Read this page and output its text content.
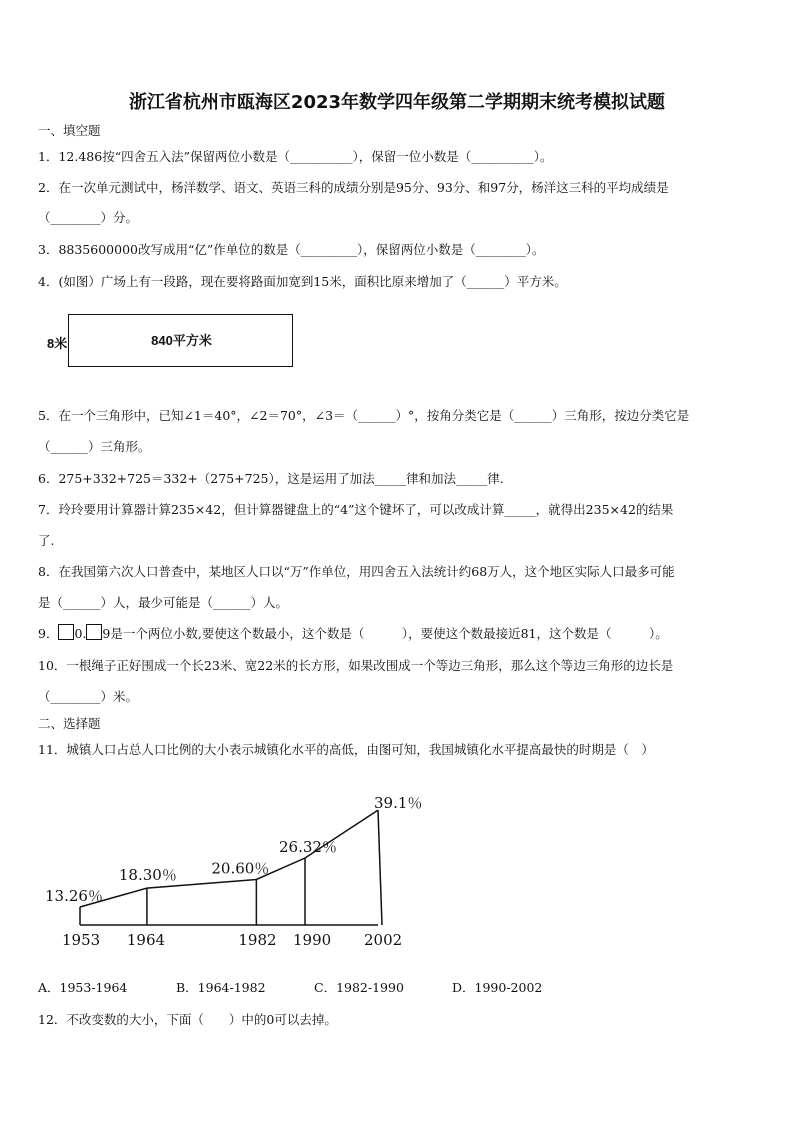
浙江省杭州市瓯海区2023年数学四年级第二学期期末统考模拟试题
一、填空题
1．12.486按“四舍五入法”保留两位小数是（__________），保留一位小数是（__________）。
2．在一次单元测试中，杨洋数学、语文、英语三科的成绩分别是95分、93分、和97分，杨洋这三科的平均成绩是
（________）分。
3．8835600000改写成用“亿”作单位的数是（_________），保留两位小数是（________）。
4．(如图）广场上有一段路，现在要将路面加宽到15米，面积比原来增加了（______）平方米。
8米	840平方米
5．在一个三角形中，已知∠1＝40°，∠2＝70°，∠3＝（______）°，按角分类它是（______）三角形，按边分类它是
（______）三角形。
6．275+332+725＝332+（275+725），这是运用了加法_____律和加法_____律.
7．玲玲要用计算器计算235×42，但计算器键盘上的“4”这个键坏了，可以改成计算_____，就得出235×42的结果
了.
8．在我国第六次人口普查中，某地区人口以“万”作单位，用四舍五入法统计约68万人，这个地区实际人口最多可能
是（______）人，最少可能是（______）人。
9． 0. 9是一个两位小数,要使这个数最小，这个数是（　　　），要使这个数最接近81，这个数是（　　　）。
10．一根绳子正好围成一个长23米、宽22米的长方形，如果改围成一个等边三角形，那么这个等边三角形的边长是
（________）米。
二、选择题
11．城镇人口占总人口比例的大小表示城镇化水平的高低，由图可知，我国城镇化水平提高最快的时期是（　）
13.26％
18.30％ 20.60％
26.32％
39.1％
1953 1964	1982 1990 2002
A．1953-1964	B．1964-1982	C．1982-1990	D．1990-2002
12．不改变数的大小，下面（　　）中的0可以去掉。
